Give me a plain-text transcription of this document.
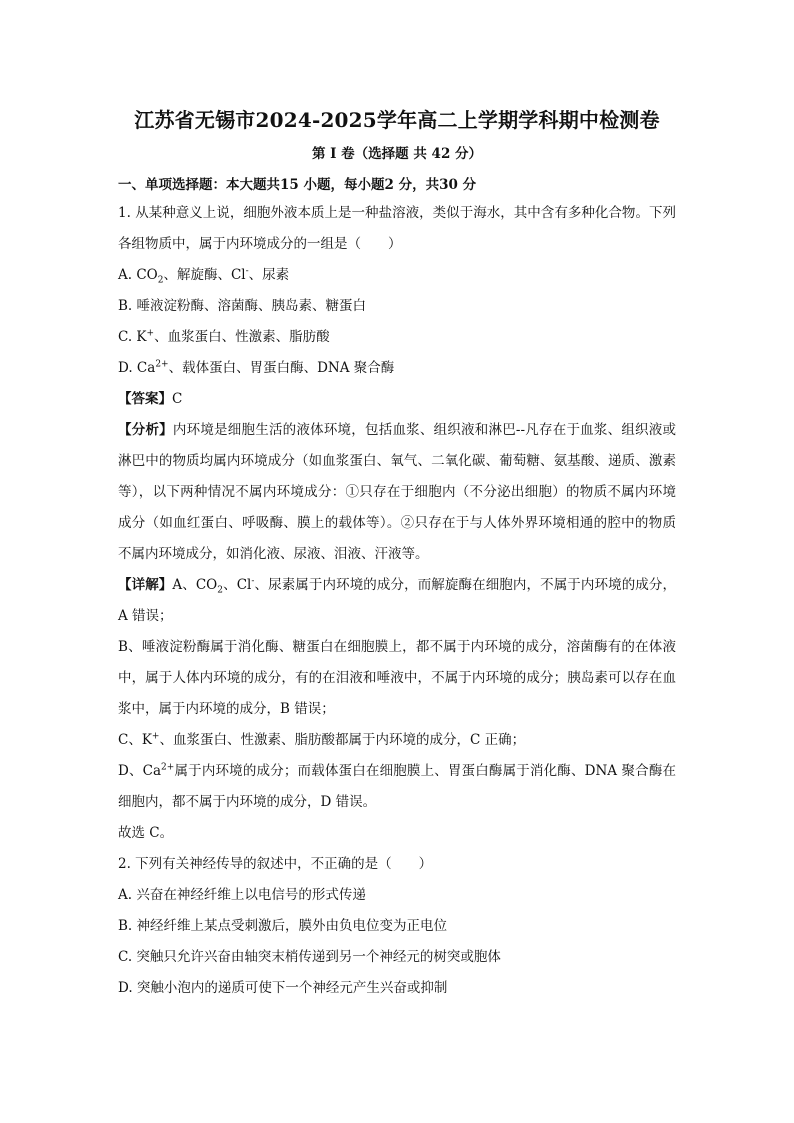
江苏省无锡市2024-2025学年高二上学期学科期中检测卷
第 I 卷（选择题 共 42 分）
一、单项选择题：本大题共15 小题，每小题2 分，共30 分

1. 从某种意义上说，细胞外液本质上是一种盐溶液，类似于海水，其中含有多种化合物。下列各组物质中，属于内环境成分的一组是（　　）

A. $CO_2$、解旋酶、Cl-、尿素
B. 唾液淀粉酶、溶菌酶、胰岛素、糖蛋白
C. K+、血浆蛋白、性激素、脂肪酸
D. $Ca^{2+}$、载体蛋白、胃蛋白酶、DNA 聚合酶
【答案】C

【分析】内环境是细胞生活的液体环境，包括血浆、组织液和淋巴--凡存在于血浆、组织液或淋巴中的物质均属内环境成分（如血浆蛋白、氧气、二氧化碳、葡萄糖、氨基酸、递质、激素等），以下两种情况不属内环境成分：①只存在于细胞内（不分泌出细胞）的物质不属内环境成分（如血红蛋白、呼吸酶、膜上的载体等）。②只存在于与人体外界环境相通的腔中的物质不属内环境成分，如消化液、尿液、泪液、汗液等。

【详解】A、$CO_2$、Cl-、尿素属于内环境的成分，而解旋酶在细胞内，不属于内环境的成分，A 错误；

B、唾液淀粉酶属于消化酶、糖蛋白在细胞膜上，都不属于内环境的成分，溶菌酶有的在体液中，属于人体内环境的成分，有的在泪液和唾液中，不属于内环境的成分；胰岛素可以存在血浆中，属于内环境的成分，B 错误；

C、K+、血浆蛋白、性激素、脂肪酸都属于内环境的成分，C 正确；

D、$Ca^{2+}$属于内环境的成分；而载体蛋白在细胞膜上、胃蛋白酶属于消化酶、DNA 聚合酶在细胞内，都不属于内环境的成分，D 错误。

故选 C。
2. 下列有关神经传导的叙述中，不正确的是（　　）
A. 兴奋在神经纤维上以电信号的形式传递
B. 神经纤维上某点受刺激后，膜外由负电位变为正电位
C. 突触只允许兴奋由轴突末梢传递到另一个神经元的树突或胞体
D. 突触小泡内的递质可使下一个神经元产生兴奋或抑制
